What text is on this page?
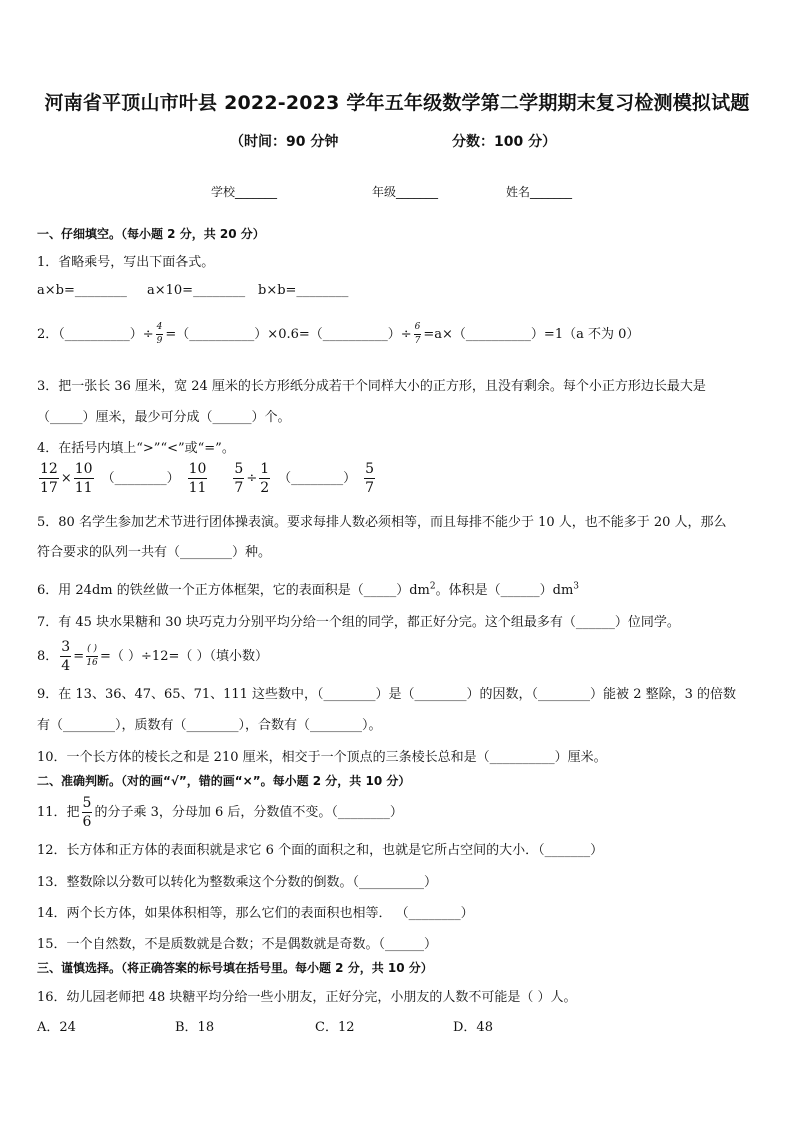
河南省平顶山市叶县 2022-2023 学年五年级数学第二学期期末复习检测模拟试题
（时间：90 分钟	分数：100 分）
学校_______	年级_______	姓名_______
一、仔细填空。（每小题 2 分，共 20 分）
1．省略乘号，写出下面各式。
a×b=________ a×10=________ b×b=________
2．（__________）÷ $\frac{4}{9}$ =（__________）×0.6=（__________）÷ $\frac{6}{7}$ =a×（__________）=1（a 不为 0）
3．把一张长 36 厘米，宽 24 厘米的长方形纸分成若干个同样大小的正方形，且没有剩余。每个小正方形边长最大是
（_____）厘米，最少可分成（______）个。
4．在括号内填上“>”“<”或“=”。
$\frac{12}{17} \times \frac{10}{11}$ （________） $\frac{10}{11} \frac{5}{7} \div \frac{1}{2}$ （________） $\frac{5}{7}$
5．80 名学生参加艺术节进行团体操表演。要求每排人数必须相等，而且每排不能少于 10 人，也不能多于 20 人，那么
符合要求的队列一共有（________）种。
6．用 24dm 的铁丝做一个正方体框架，它的表面积是$(\_\_\_\_\_)dm^2$。体积是$(\_\_\_\_\_\_)dm^3$
7．有 45 块水果糖和 30 块巧克力分别平均分给一个组的同学，都正好分完。这个组最多有（______）位同学。
8． $\frac{3}{4} = \frac{( )}{16}$ =（ ）÷12=（ ）（填小数）
9．在 13、36、47、65、71、111 这些数中，（________）是（________）的因数，（________）能被 2 整除，3 的倍数
有（________），质数有（________），合数有（________）。
10．一个长方体的棱长之和是 210 厘米，相交于一个顶点的三条棱长总和是（__________）厘米。
二、准确判断。（对的画“√”，错的画“×”。每小题 2 分，共 10 分）
11．把 $\frac{5}{6}$ 的分子乘 3，分母加 6 后，分数值不变。（________）
12．长方体和正方体的表面积就是求它 6 个面的面积之和，也就是它所占空间的大小．（_______）
13．整数除以分数可以转化为整数乘这个分数的倒数。（__________）
14．两个长方体，如果体积相等，那么它们的表面积也相等． （________）
15．一个自然数，不是质数就是合数；不是偶数就是奇数。（______）
三、谨慎选择。（将正确答案的标号填在括号里。每小题 2 分，共 10 分）
16．幼儿园老师把 48 块糖平均分给一些小朋友，正好分完，小朋友的人数不可能是（ ）人。
A．24	B．18	C．12	D．48
